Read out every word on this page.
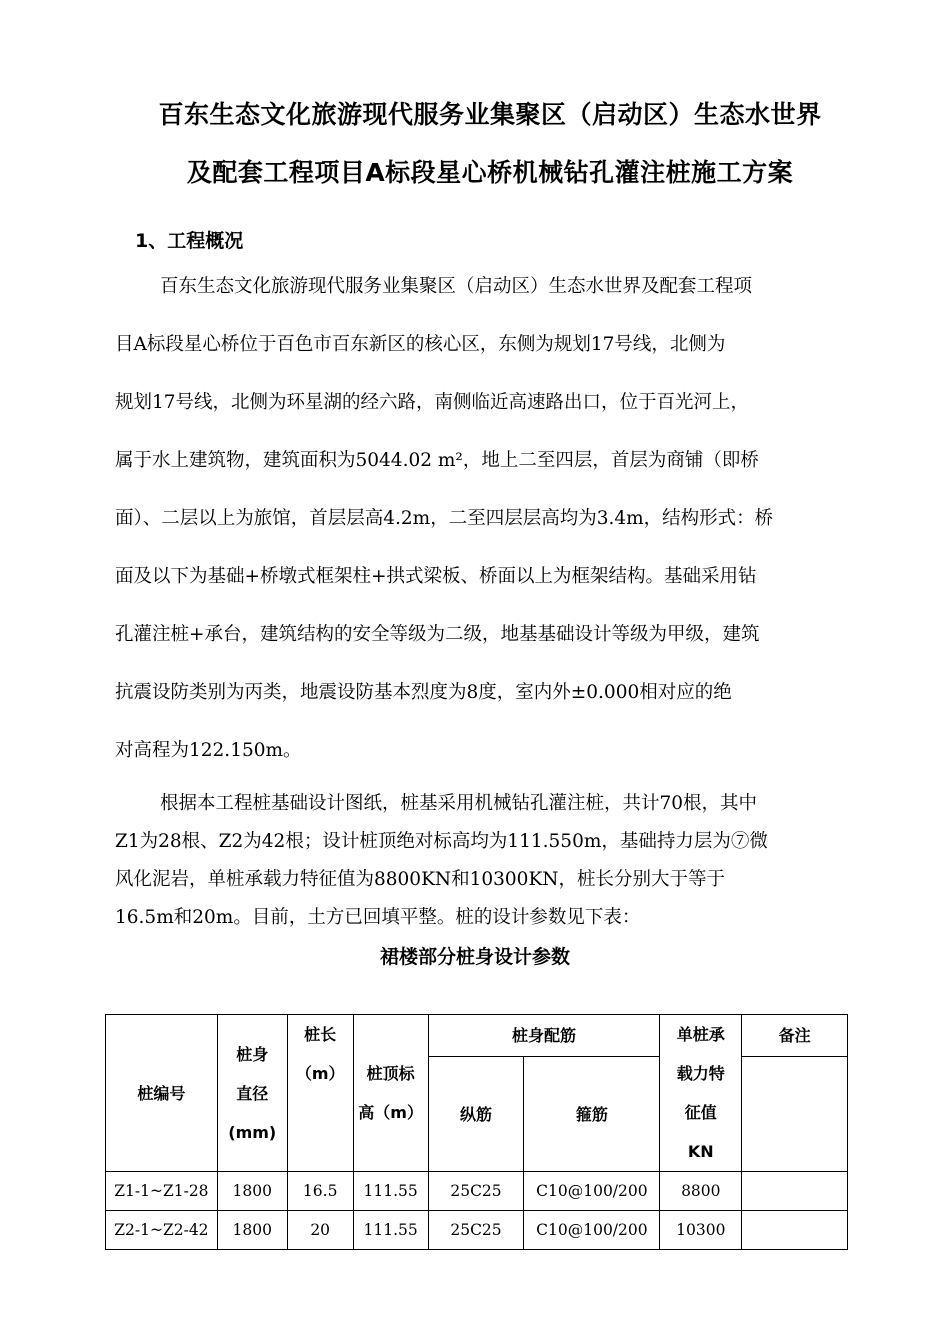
百东生态文化旅游现代服务业集聚区（启动区）生态水世界
及配套工程项目A标段星心桥机械钻孔灌注桩施工方案
1、工程概况
百东生态文化旅游现代服务业集聚区（启动区）生态水世界及配套工程项
目A标段星心桥位于百色市百东新区的核心区，东侧为规划17号线，北侧为
规划17号线，北侧为环星湖的经六路，南侧临近高速路出口，位于百光河上，
属于水上建筑物，建筑面积为5044.02 m²，地上二至四层，首层为商铺（即桥
面）、二层以上为旅馆，首层层高4.2m，二至四层层高均为3.4m，结构形式：桥
面及以下为基础+桥墩式框架柱+拱式梁板、桥面以上为框架结构。基础采用钻
孔灌注桩+承台，建筑结构的安全等级为二级，地基基础设计等级为甲级，建筑
抗震设防类别为丙类，地震设防基本烈度为8度，室内外±0.000相对应的绝
对高程为122.150m。
根据本工程桩基础设计图纸，桩基采用机械钻孔灌注桩，共计70根，其中
Z1为28根、Z2为42根；设计桩顶绝对标高均为111.550m，基础持力层为⑦微
风化泥岩，单桩承载力特征值为8800KN和10300KN，桩长分别大于等于
16.5m和20m。目前，土方已回填平整。桩的设计参数见下表：
裙楼部分桩身设计参数
桩编号	桩身
直径
(mm)	桩长
（m）	桩顶标
高（m）	桩身配筋		单桩承
载力特
征值
KN	备注
				纵筋	箍筋		
Z1-1~Z1-28	1800	16.5	111.55	25C25	C10@100/200	8800	
Z2-1~Z2-42	1800	20	111.55	25C25	C10@100/200	10300	
